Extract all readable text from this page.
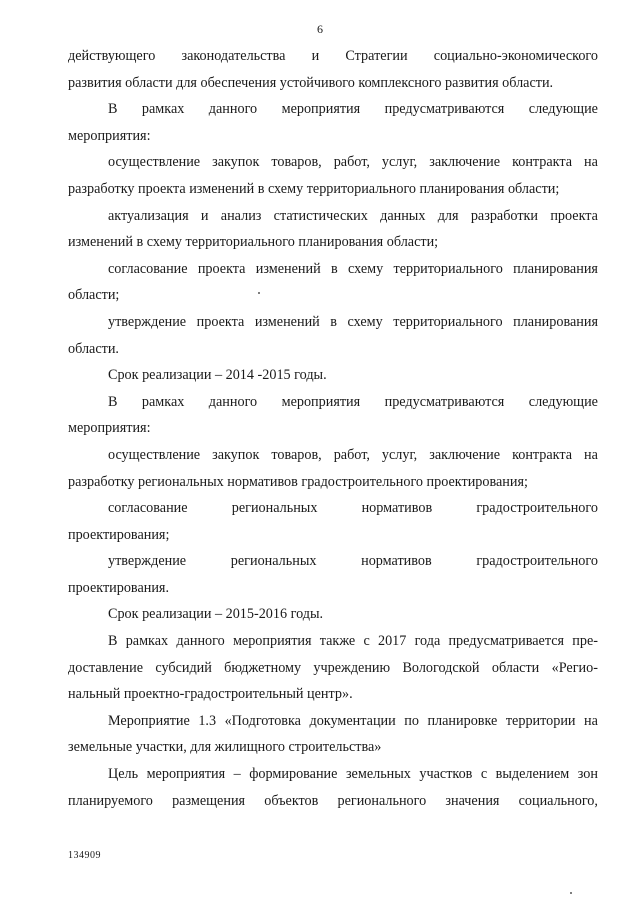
6
действующего законодательства и Стратегии социально-экономического
развития области для обеспечения устойчивого комплексного развития области.
В рамках данного мероприятия предусматриваются следующие
мероприятия:
осуществление закупок товаров, работ, услуг, заключение контракта на
разработку проекта изменений в схему территориального планирования области;
актуализация и анализ статистических данных для разработки проекта
изменений в схему территориального планирования области;
согласование проекта изменений в схему территориального планирования
области;
утверждение проекта изменений в схему территориального планирования
области.
Срок реализации – 2014 -2015 годы.
В рамках данного мероприятия предусматриваются следующие
мероприятия:
осуществление закупок товаров, работ, услуг, заключение контракта на
разработку региональных нормативов градостроительного проектирования;
согласование	региональных	нормативов	градостроительного
проектирования;
утверждение	региональных	нормативов	градостроительного
проектирования.
Срок реализации – 2015-2016 годы.
В рамках данного мероприятия также с 2017 года предусматривается пре-
доставление субсидий бюджетному учреждению Вологодской области «Регио-
нальный проектно-градостроительный центр».
Мероприятие 1.3 «Подготовка документации по планировке территории на
земельные участки, для жилищного строительства»
Цель мероприятия – формирование земельных участков с выделением зон
планируемого размещения объектов регионального значения социального,
134909
